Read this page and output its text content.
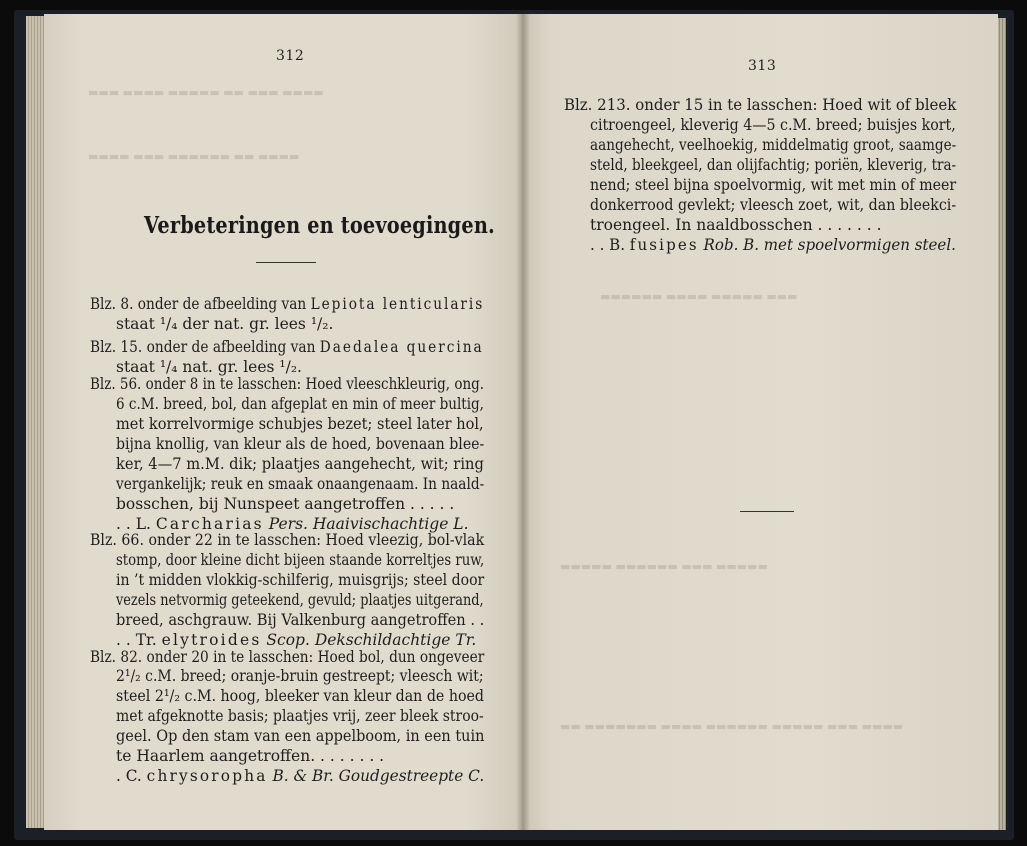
▬▬▬ ▬▬▬▬ ▬▬▬▬▬ ▬▬ ▬▬▬ ▬▬▬▬
▬▬▬▬ ▬▬▬ ▬▬▬▬▬▬ ▬▬ ▬▬▬▬
▬▬▬▬▬▬ ▬▬▬▬ ▬▬▬▬▬ ▬▬▬
▬▬▬▬▬ ▬▬▬▬▬▬ ▬▬▬ ▬▬▬▬▬
▬▬ ▬▬▬▬▬▬▬ ▬▬▬▬ ▬▬▬▬▬▬ ▬▬▬▬▬ ▬▬▬ ▬▬▬▬
312
313
Verbeteringen en toevoegingen.
Blz. 8. onder de afbeelding van Lepiota lenticularis
staat ¹/₄ der nat. gr. lees ¹/₂.
Blz. 15. onder de afbeelding van Daedalea quercina
staat ¹/₄ nat. gr. lees ¹/₂.
Blz. 56. onder 8 in te lasschen: Hoed vleeschkleurig, ong.
6 c.M. breed, bol, dan afgeplat en min of meer bultig,
met korrelvormige schubjes bezet; steel later hol,
bijna knollig, van kleur als de hoed, bovenaan blee-
ker, 4—7 m.M. dik; plaatjes aangehecht, wit; ring
vergankelijk; reuk en smaak onaangenaam. In naald-
bosschen, bij Nunspeet aangetroffen . . . . .
. . L. Carcharias Pers. Haaivischachtige L.
Blz. 66. onder 22 in te lasschen: Hoed vleezig, bol-vlak
stomp, door kleine dicht bijeen staande korreltjes ruw,
in ’t midden vlokkig-schilferig, muisgrijs; steel door
vezels netvormig geteekend, gevuld; plaatjes uitgerand,
breed, aschgrauw. Bij Valkenburg aangetroffen . .
. . Tr. elytroides Scop. Dekschildachtige Tr.
Blz. 82. onder 20 in te lasschen: Hoed bol, dun ongeveer
2¹/₂ c.M. breed; oranje-bruin gestreept; vleesch wit;
steel 2¹/₂ c.M. hoog, bleeker van kleur dan de hoed
met afgeknotte basis; plaatjes vrij, zeer bleek stroo-
geel. Op den stam van een appelboom, in een tuin
te Haarlem aangetroffen. . . . . . . .
. C. chrysoropha B. & Br. Goudgestreepte C.
Blz. 213. onder 15 in te lasschen: Hoed wit of bleek
citroengeel, kleverig 4—5 c.M. breed; buisjes kort,
aangehecht, veelhoekig, middelmatig groot, saamge-
steld, bleekgeel, dan olijfachtig; poriën, kleverig, tra-
nend; steel bijna spoelvormig, wit met min of meer
donkerrood gevlekt; vleesch zoet, wit, dan bleekci-
troengeel. In naaldbosschen . . . . . . .
. . B. fusipes Rob. B. met spoelvormigen steel.
